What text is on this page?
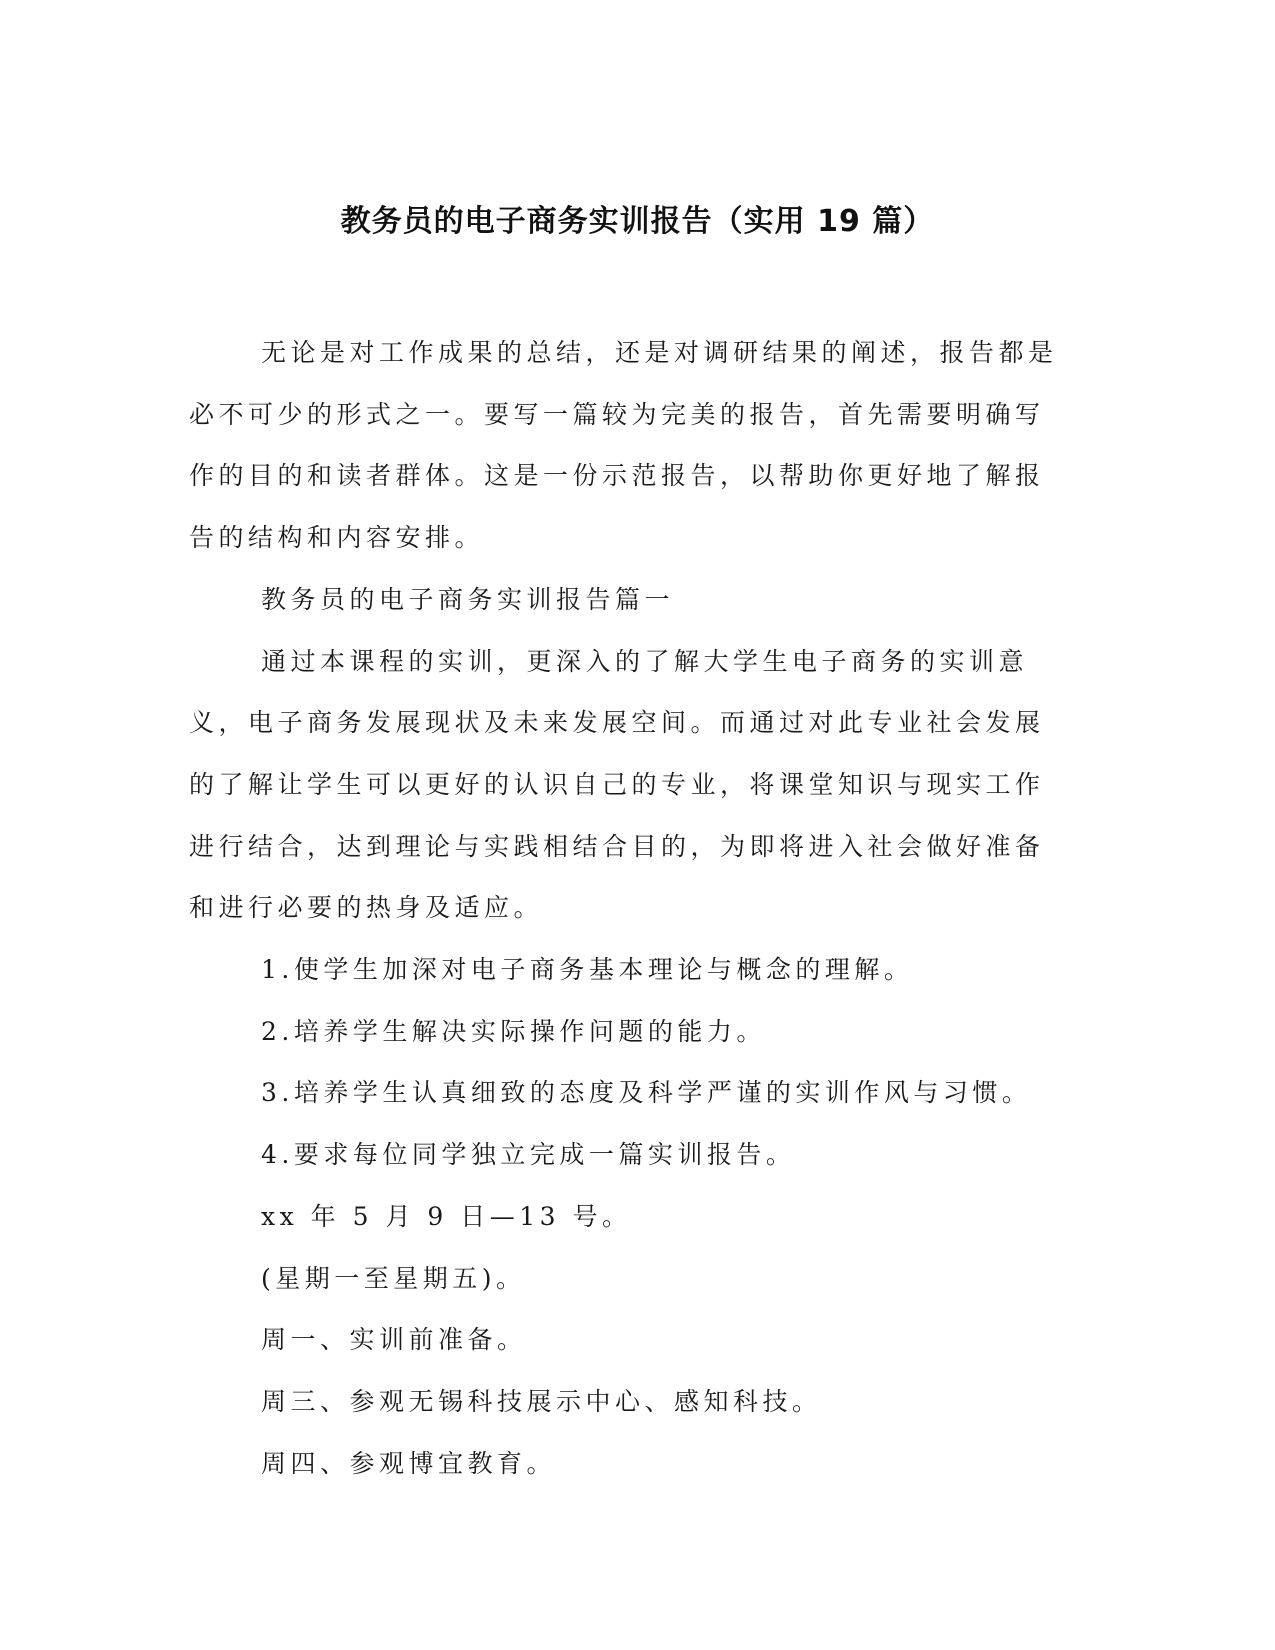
教务员的电子商务实训报告（实用 19 篇）

无论是对工作成果的总结，还是对调研结果的阐述，报告都是必不可少的形式之一。要写一篇较为完美的报告，首先需要明确写作的目的和读者群体。这是一份示范报告，以帮助你更好地了解报告的结构和内容安排。

教务员的电子商务实训报告篇一

通过本课程的实训，更深入的了解大学生电子商务的实训意义，电子商务发展现状及未来发展空间。而通过对此专业社会发展的了解让学生可以更好的认识自己的专业，将课堂知识与现实工作进行结合，达到理论与实践相结合目的，为即将进入社会做好准备和进行必要的热身及适应。

1.使学生加深对电子商务基本理论与概念的理解。

2.培养学生解决实际操作问题的能力。

3.培养学生认真细致的态度及科学严谨的实训作风与习惯。

4.要求每位同学独立完成一篇实训报告。

xx 年 5 月 9 日—13 号。

(星期一至星期五)。

周一、实训前准备。

周三、参观无锡科技展示中心、感知科技。

周四、参观博宜教育。
